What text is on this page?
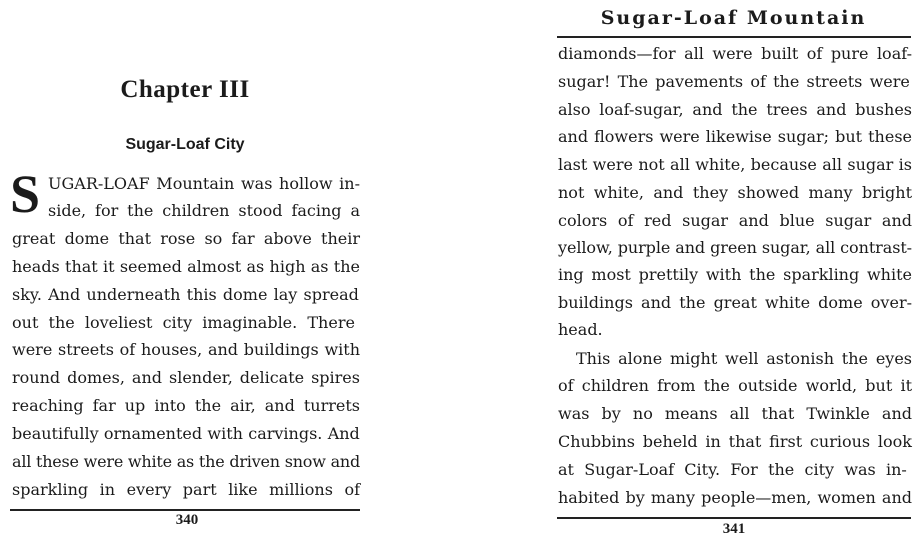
Chapter III
Sugar-Loaf City
S UGAR-LOAF Mountain was hollow in-
side, for the children stood facing a
great dome that rose so far above their
heads that it seemed almost as high as the
sky. And underneath this dome lay spread
out the loveliest city imaginable. There
were streets of houses, and buildings with
round domes, and slender, delicate spires
reaching far up into the air, and turrets
beautifully ornamented with carvings. And
all these were white as the driven snow and
sparkling in every part like millions of
340
Sugar-Loaf Mountain
diamonds—for all were built of pure loaf-
sugar! The pavements of the streets were
also loaf-sugar, and the trees and bushes
and flowers were likewise sugar; but these
last were not all white, because all sugar is
not white, and they showed many bright
colors of red sugar and blue sugar and
yellow, purple and green sugar, all contrast-
ing most prettily with the sparkling white
buildings and the great white dome over-
head.
This alone might well astonish the eyes
of children from the outside world, but it
was by no means all that Twinkle and
Chubbins beheld in that first curious look
at Sugar-Loaf City. For the city was in-
habited by many people—men, women and
341
